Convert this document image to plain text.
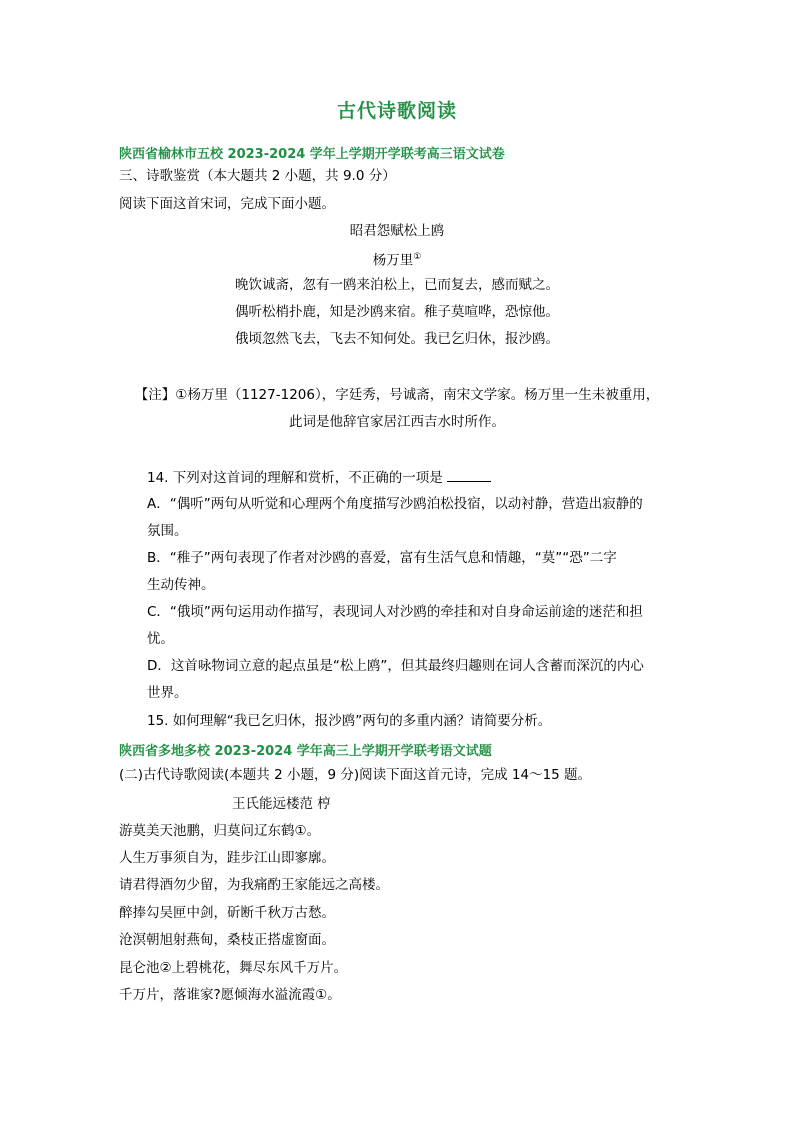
古代诗歌阅读
陕西省榆林市五校 2023-2024 学年上学期开学联考高三语文试卷
三、诗歌鉴赏（本大题共 2 小题，共 9.0 分）
阅读下面这首宋词，完成下面小题。
昭君怨赋松上鸥
杨万里①
晚饮诚斋，忽有一鸥来泊松上，已而复去，感而赋之。
偶听松梢扑鹿，知是沙鸥来宿。稚子莫喧哗，恐惊他。
俄顷忽然飞去，飞去不知何处。我已乞归休，报沙鸥。
【注】①杨万里（1127-1206），字廷秀，号诚斋，南宋文学家。杨万里一生未被重用，
此词是他辞官家居江西吉水时所作。
14. 下列对这首词的理解和赏析，不正确的一项是
A．“偶听”两句从听觉和心理两个角度描写沙鸥泊松投宿，以动衬静，营造出寂静的
氛围。
B．“稚子”两句表现了作者对沙鸥的喜爱，富有生活气息和情趣，“莫”“恐”二字
生动传神。
C．“俄顷”两句运用动作描写，表现词人对沙鸥的牵挂和对自身命运前途的迷茫和担
忧。
D．这首咏物词立意的起点虽是“松上鸥”，但其最终归趣则在词人含蓄而深沉的内心
世界。
15. 如何理解“我已乞归休，报沙鸥”两句的多重内涵？请简要分析。
陕西省多地多校 2023-2024 学年高三上学期开学联考语文试题
(二)古代诗歌阅读(本题共 2 小题，9 分)阅读下面这首元诗，完成 14～15 题。
王氏能远楼范 梈
游莫美天池鹏，归莫问辽东鹤①。
人生万事须自为，跬步江山即寥廓。
请君得酒勿少留，为我痛酌王家能远之高楼。
醉捧勾吴匣中剑，斫断千秋万古愁。
沧溟朝旭射燕甸，桑枝正搭虚窗面。
昆仑池②上碧桃花，舞尽东风千万片。
千万片，落谁家?愿倾海水溢流霞①。
